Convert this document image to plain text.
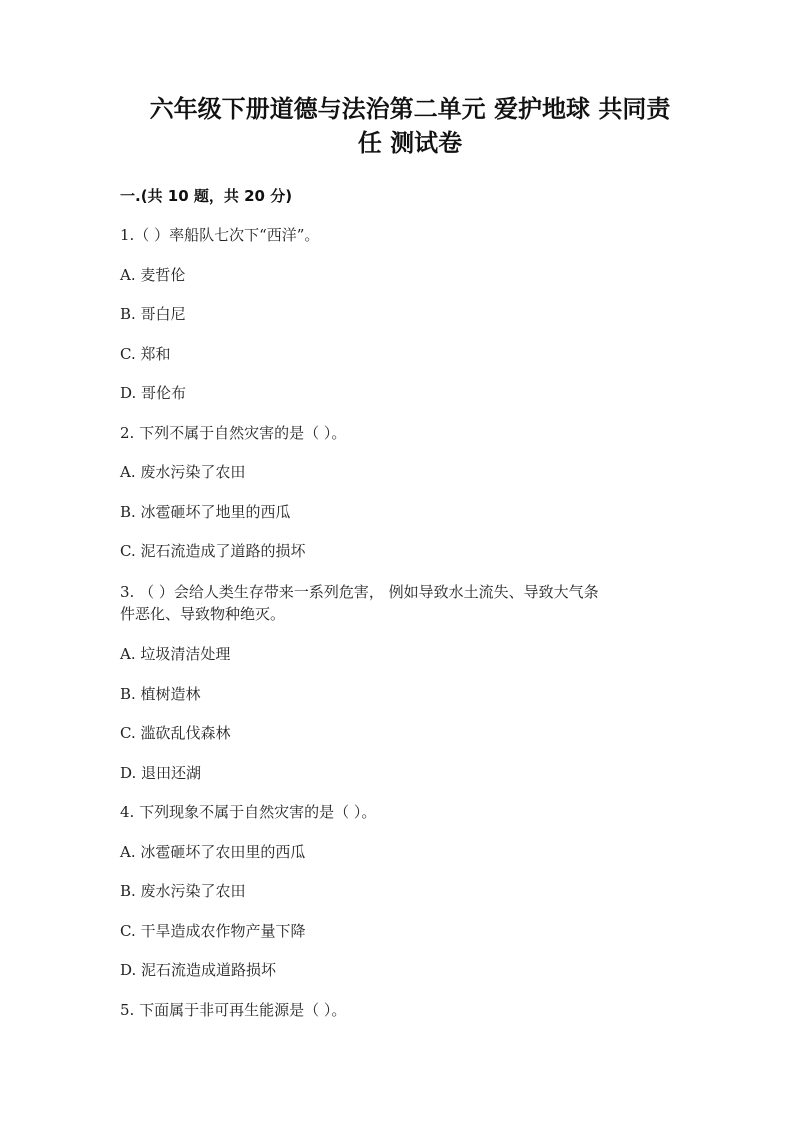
六年级下册道德与法治第二单元 爱护地球 共同责
任 测试卷
一.(共 10 题，共 20 分)
1.（ ）率船队七次下“西洋”。
A. 麦哲伦
B. 哥白尼
C. 郑和
D. 哥伦布
2. 下列不属于自然灾害的是（ ）。
A. 废水污染了农田
B. 冰雹砸坏了地里的西瓜
C. 泥石流造成了道路的损坏
3. （ ）会给人类生存带来一系列危害， 例如导致水土流失、导致大气条
件恶化、导致物种绝灭。
A. 垃圾清洁处理
B. 植树造林
C. 滥砍乱伐森林
D. 退田还湖
4. 下列现象不属于自然灾害的是（ ）。
A. 冰雹砸坏了农田里的西瓜
B. 废水污染了农田
C. 干旱造成农作物产量下降
D. 泥石流造成道路损坏
5. 下面属于非可再生能源是（ ）。
